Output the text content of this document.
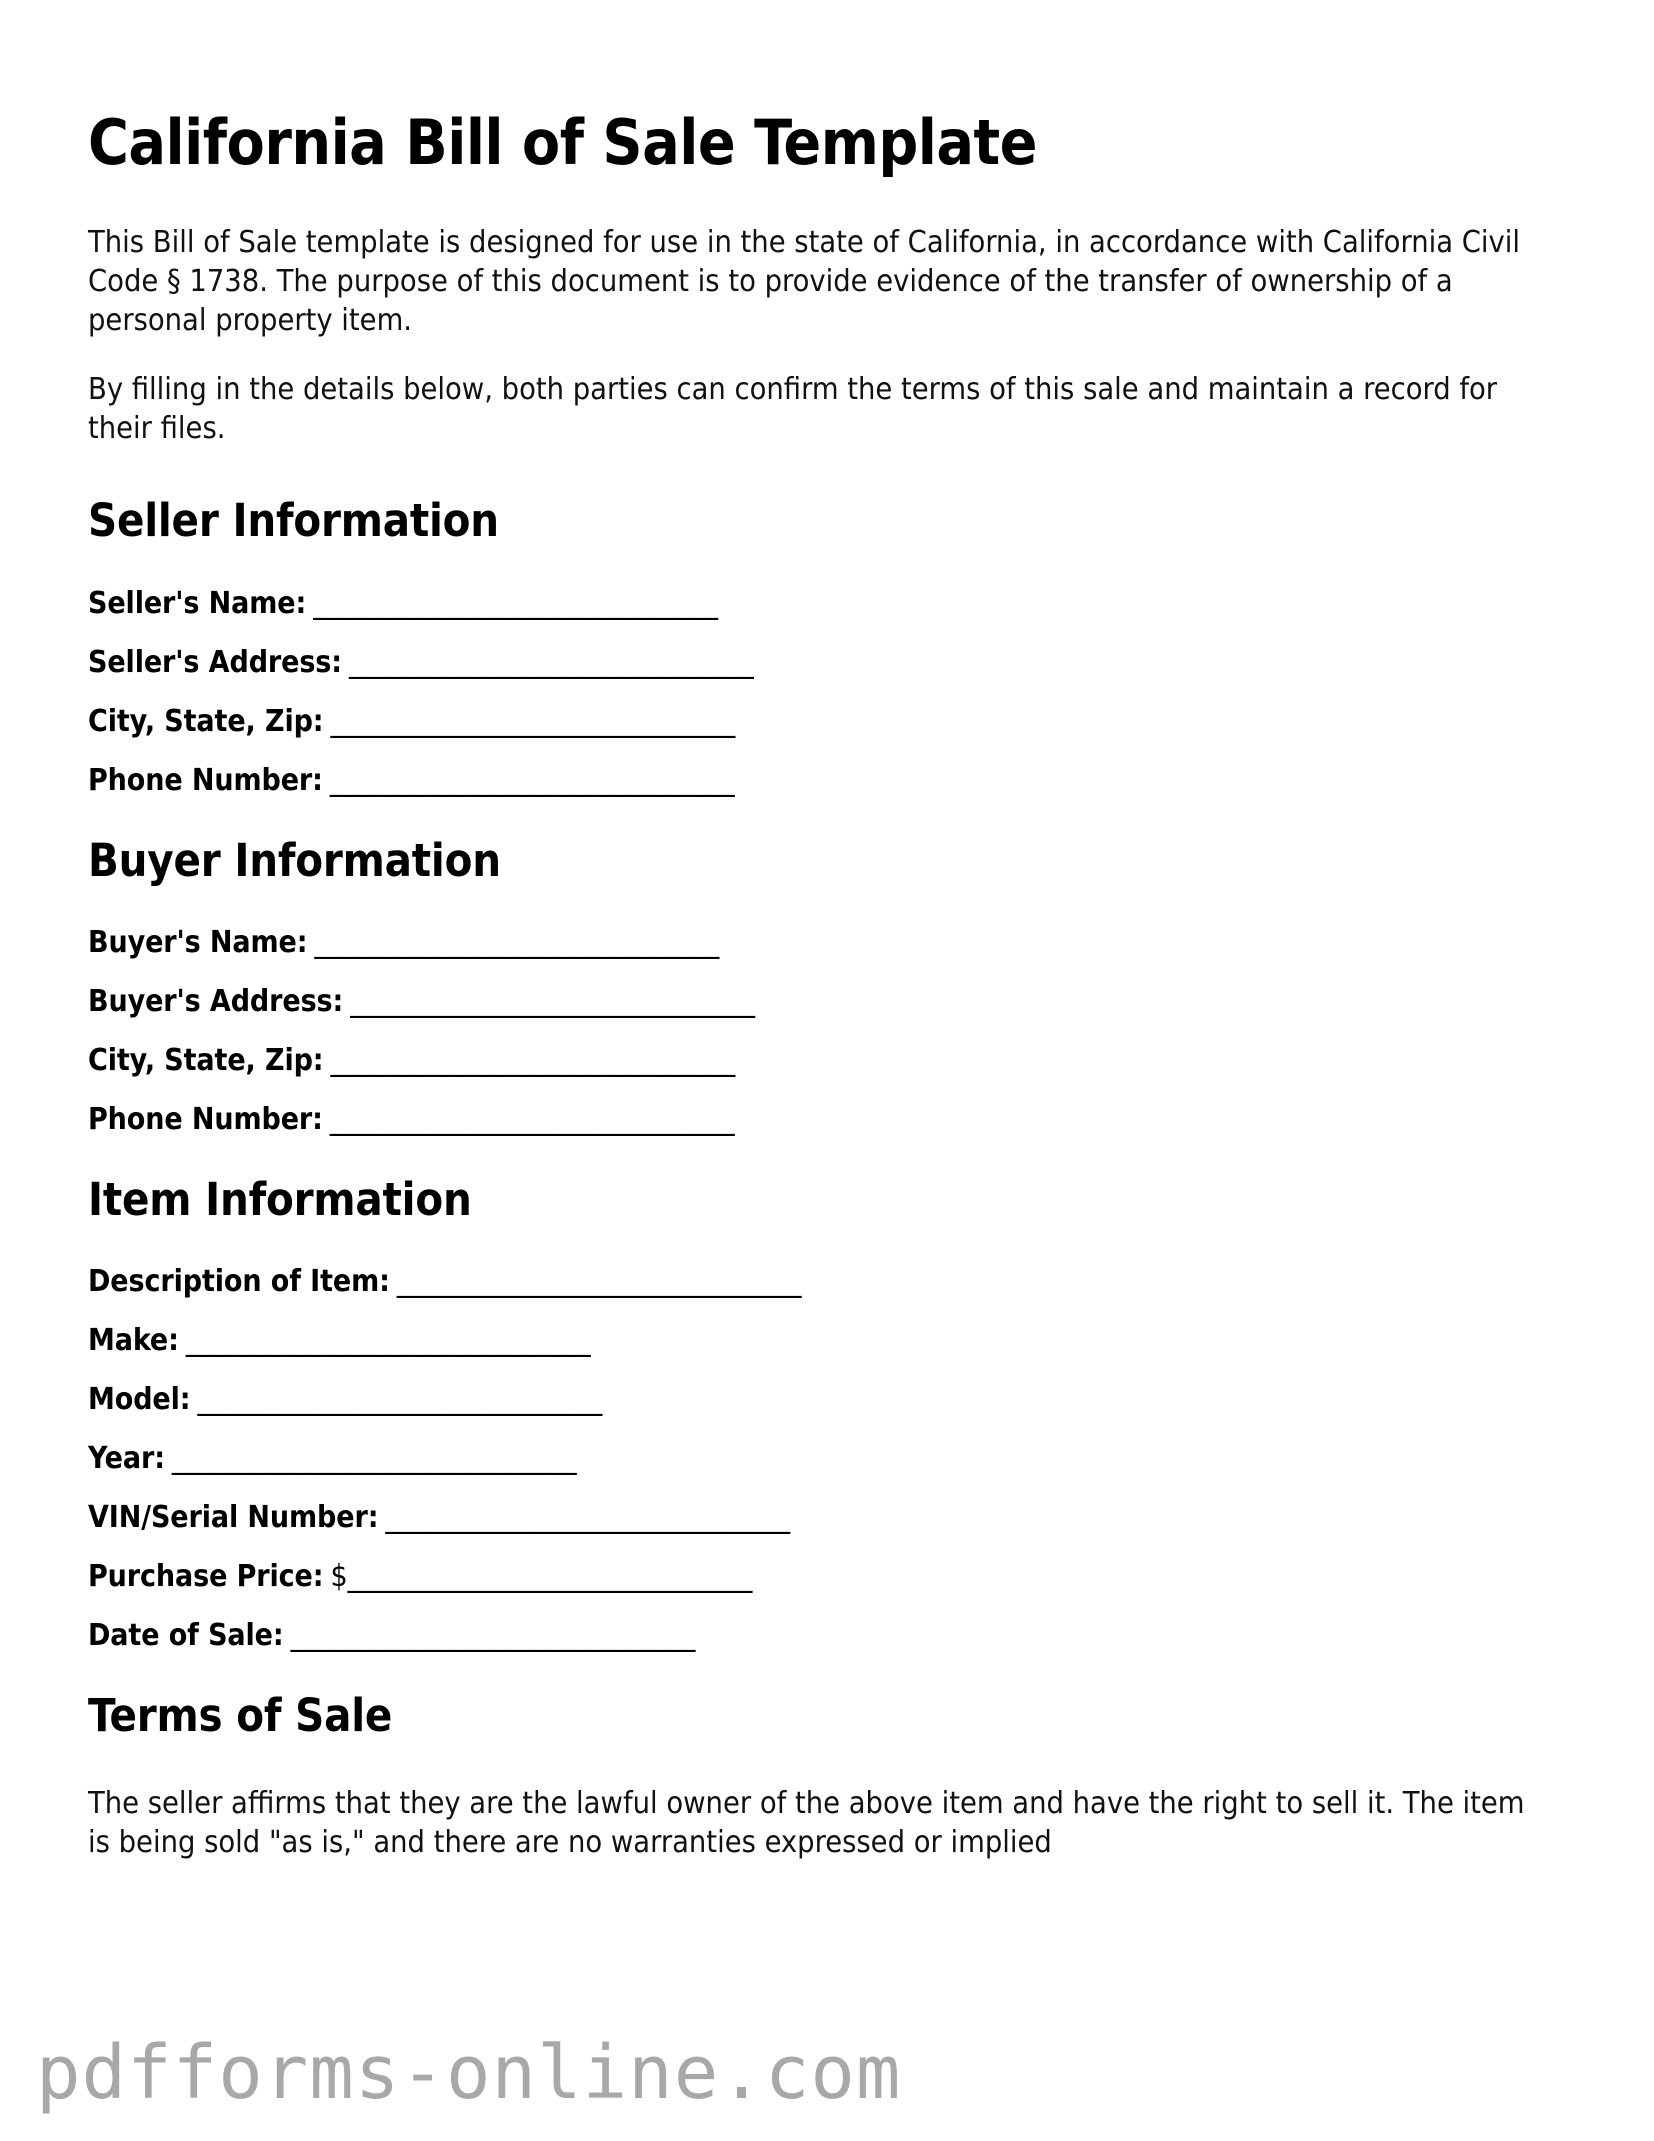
California Bill of Sale Template

This Bill of Sale template is designed for use in the state of California, in accordance with California Civil Code § 1738. The purpose of this document is to provide evidence of the transfer of ownership of a personal property item.

By filling in the details below, both parties can confirm the terms of this sale and maintain a record for their files.

Seller Information
Seller's Name: ______________________________
Seller's Address: ______________________________
City, State, Zip: ______________________________
Phone Number: ______________________________
Buyer Information
Buyer's Name: ______________________________
Buyer's Address: ______________________________
City, State, Zip: ______________________________
Phone Number: ______________________________
Item Information
Description of Item: ______________________________
Make: ______________________________
Model: ______________________________
Year: ______________________________
VIN/Serial Number: ______________________________
Purchase Price: $ ______________________________
Date of Sale: ______________________________
Terms of Sale

The seller affirms that they are the lawful owner of the above item and have the right to sell it. The item is being sold "as is," and there are no warranties expressed or implied

pdfforms-online.com
